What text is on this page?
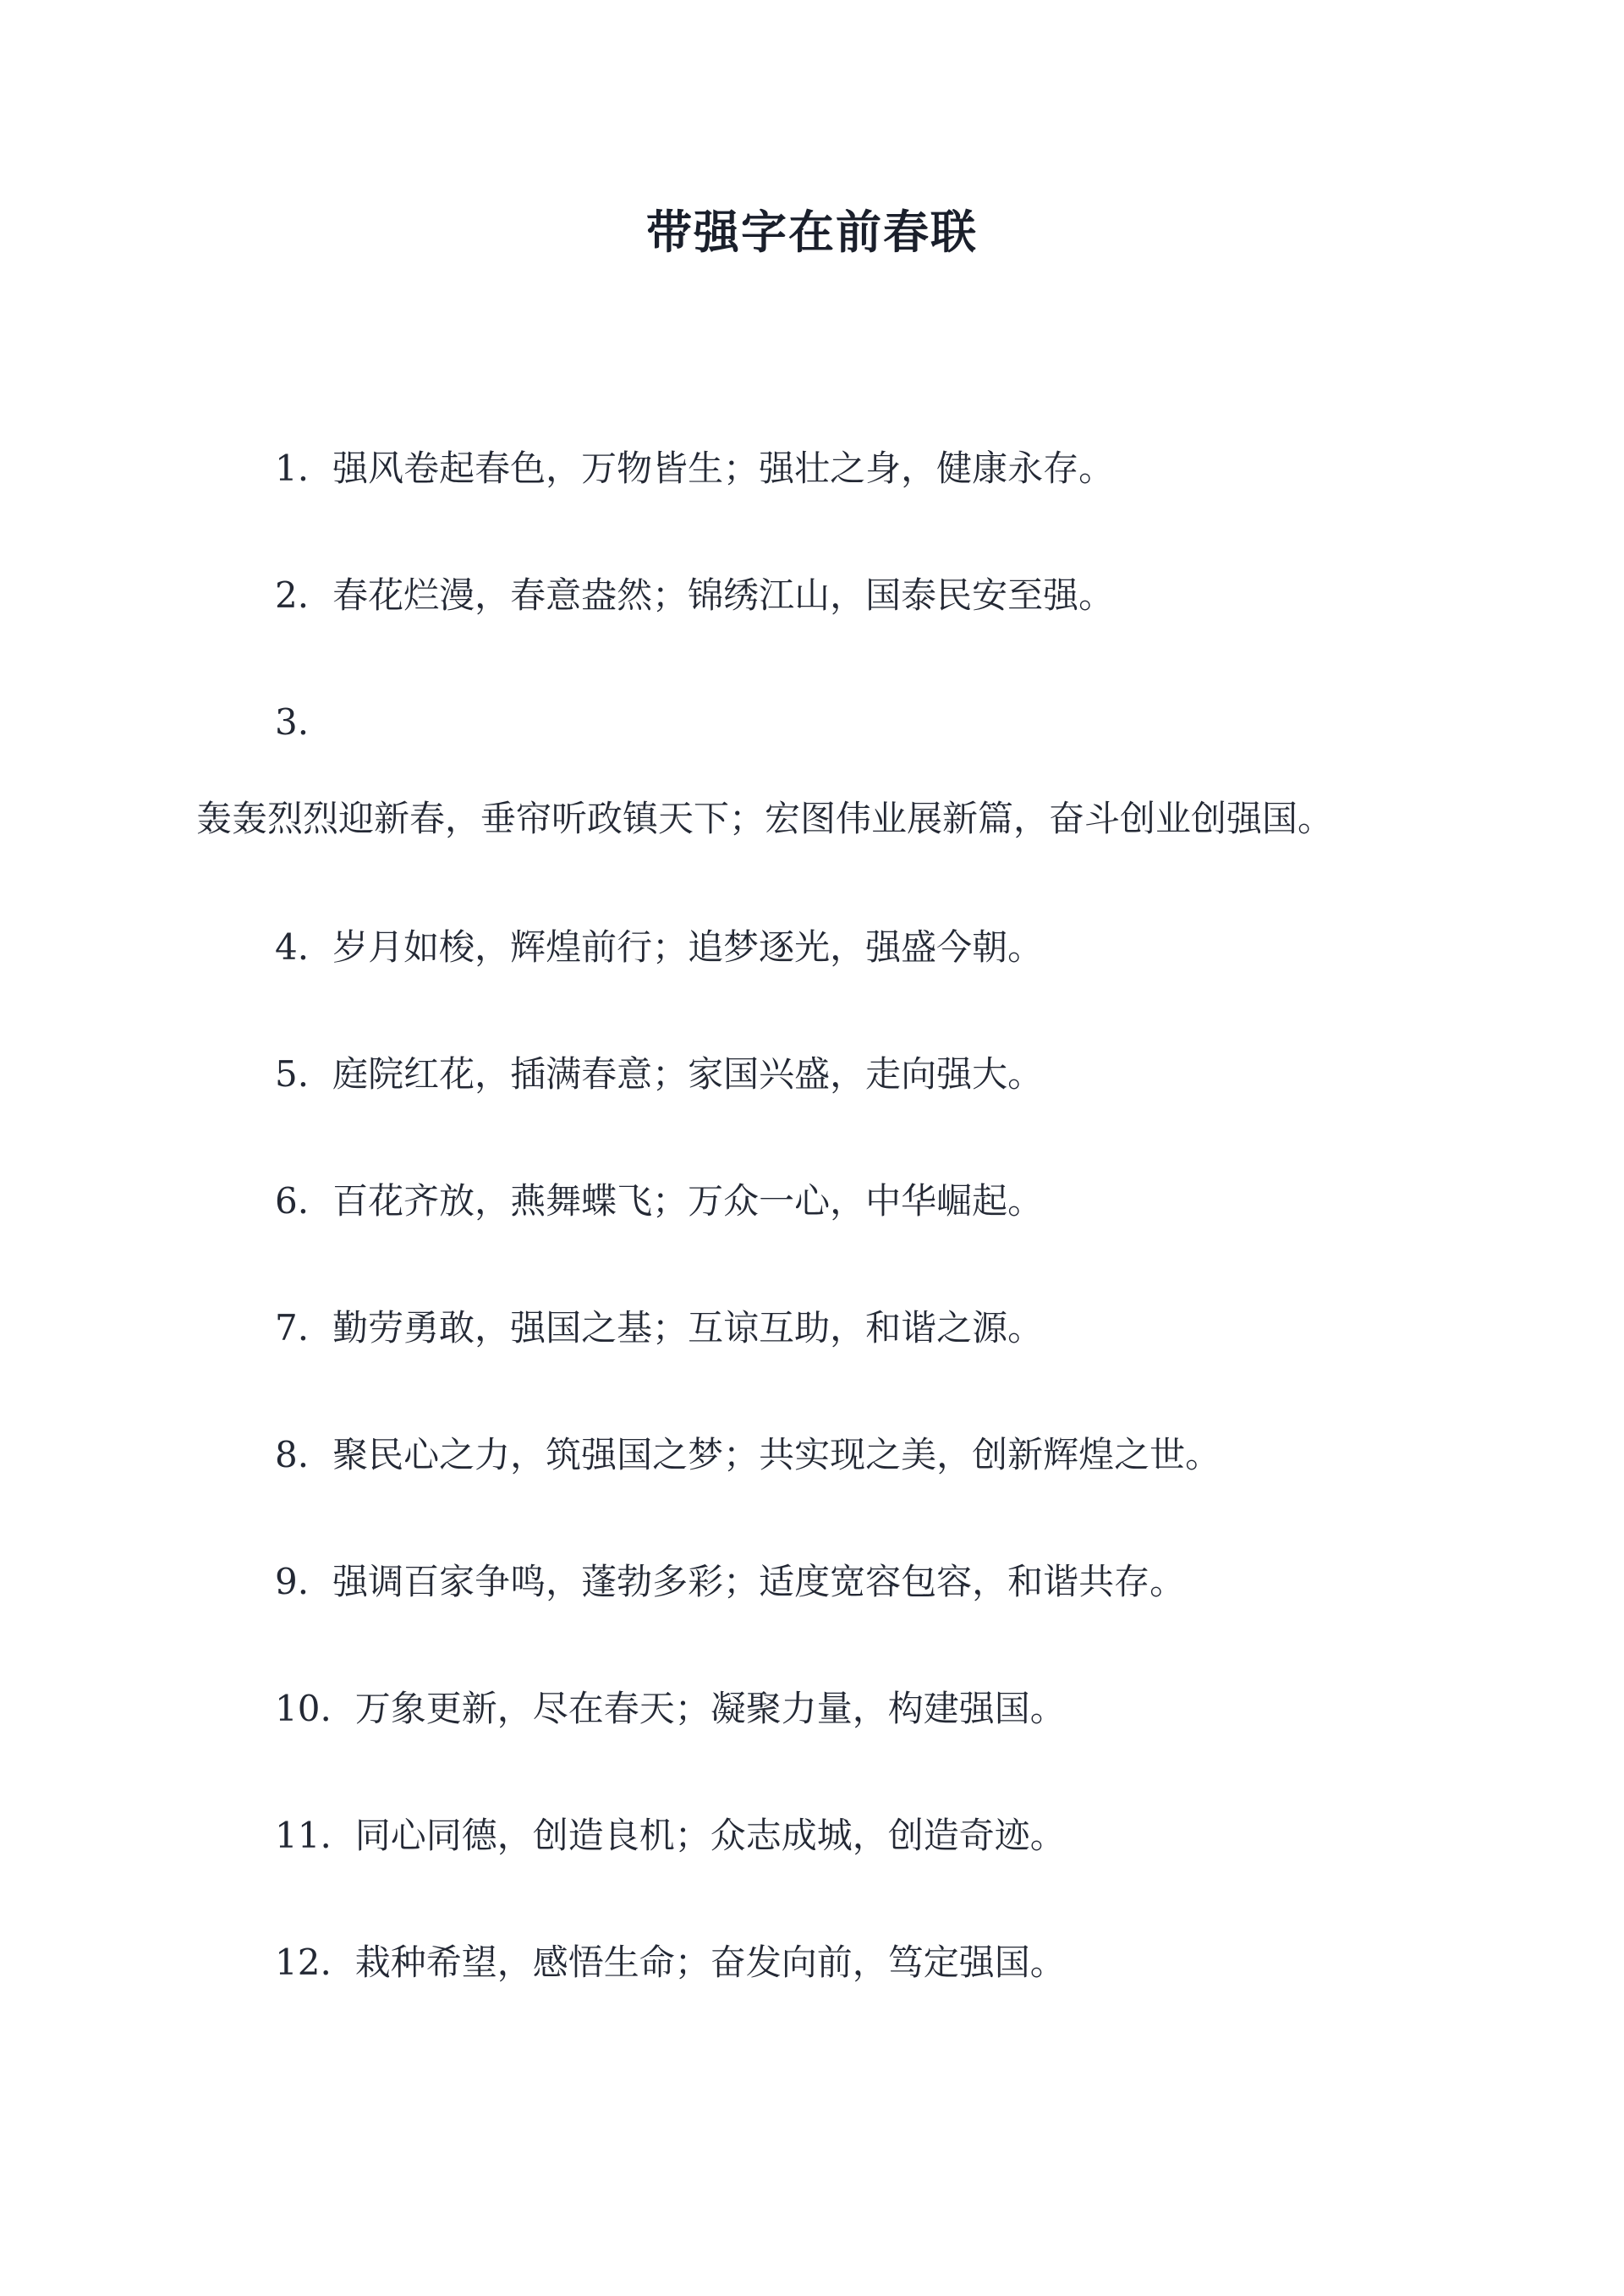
带强字在前春联
1. 强风卷起春色，万物皆生；强壮之身，健康永存。
2. 春花烂漫，春意盎然；锦绣江山，国泰民安至强。
3.
轰轰烈烈迎新春，垂帘听政镇天下；宏图伟业展新篇，奋斗创业创强国。
4. 岁月如梭，辉煌前行；追梦逐光，强盛今朝。
5. 庭院红花，插满春意；家国兴盛，走向强大。
6. 百花齐放，燕舞蝶飞；万众一心，中华崛起。
7. 勤劳勇敢，强国之基；互谅互助，和谐之源。
8. 聚民心之力，筑强国之梦；共实现之美，创新辉煌之世。
9. 强调百家争鸣，蓬勃多彩；适度宽容包容，和谐共存。
10. 万象更新，尽在春天；凝聚力量，构建强国。
11. 同心同德，创造良机；众志成城，创造奇迹。
12. 栽种希望，感悟生命；奋发向前，笃定强国。
